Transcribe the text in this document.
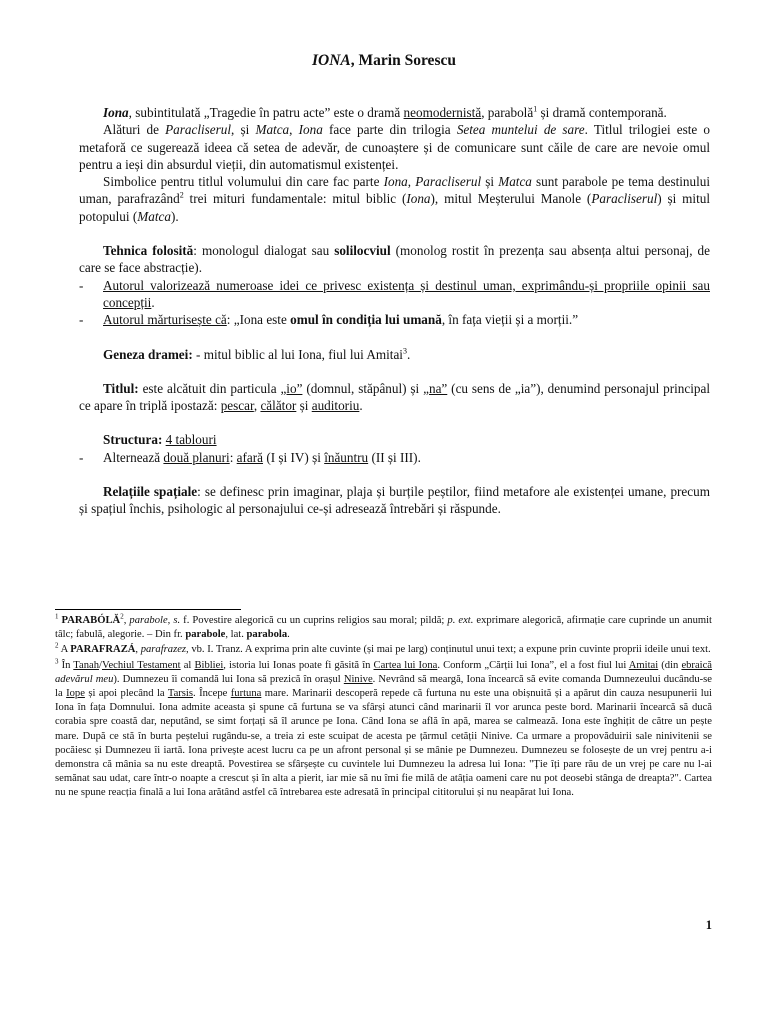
IONA, Marin Sorescu

Iona, subintitulată „Tragedie în patru acte” este o dramă neomodernistă, parabolă$^1$ și dramă contemporană.

Alături de Paracliserul, și Matca, Iona face parte din trilogia Setea muntelui de sare. Titlul trilogiei este o metaforă ce sugerează ideea că setea de adevăr, de cunoaștere și de comunicare sunt căile de care are nevoie omul pentru a ieși din absurdul vieții, din automatismul existenței.

Simbolice pentru titlul volumului din care fac parte Iona, Paracliserul și Matca sunt parabole pe tema destinului uman, parafrazând$^2$ trei mituri fundamentale: mitul biblic (Iona), mitul Meșterului Manole (Paracliserul) și mitul potopului (Matca).

Tehnica folosită: monologul dialogat sau solilocviul (monolog rostit în prezența sau absența altui personaj, de care se face abstracție).

- Autorul valorizează numeroase idei ce privesc existența și destinul uman, exprimându-și propriile opinii sau concepții.

- Autorul mărturisește că: „Iona este omul în condiția lui umană, în fața vieții și a morții.”

Geneza dramei: - mitul biblic al lui Iona, fiul lui Amitai$^3$.

Titlul: este alcătuit din particula „io” (domnul, stăpânul) și „na” (cu sens de „ia”), denumind personajul principal ce apare în triplă ipostază: pescar, călător și auditoriu.

Structura: 4 tablouri

- Alternează două planuri: afară (I și IV) și înăuntru (II și III).

Relațiile spațiale: se definesc prin imaginar, plaja și burțile peștilor, fiind metafore ale existenței umane, precum și spațiul închis, psihologic al personajului ce-și adresează întrebări și răspunde.

$^1$ PARABÓLĂ$^2$, parabole, s. f. Povestire alegorică cu un cuprins religios sau moral; pildă; p. ext. exprimare alegorică, afirmație care cuprinde un anumit tâlc; fabulă, alegorie. – Din fr. parabole, lat. parabola.

$^2$ A PARAFRAZÁ, parafrazez, vb. I. Tranz. A exprima prin alte cuvinte (și mai pe larg) conținutul unui text; a expune prin cuvinte proprii ideile unui text.

$^3$ În Tanah/Vechiul Testament al Bibliei, istoria lui Ionas poate fi găsită în Cartea lui Iona. Conform „Cărții lui Iona”, el a fost fiul lui Amitai (din ebraică adevărul meu). Dumnezeu îi comandă lui Iona să prezică în orașul Ninive. Nevrând să meargă, Iona încearcă să evite comanda Dumnezeului ducându-se la Iope și apoi plecând la Tarsis. Începe furtuna mare. Marinarii descoperă repede că furtuna nu este una obișnuită și a apărut din cauza nesupunerii lui Iona în fața Domnului. Iona admite aceasta și spune că furtuna se va sfârși atunci când marinarii îl vor arunca peste bord. Marinarii încearcă să ducă corabia spre coastă dar, neputând, se simt forțați să îl arunce pe Iona. Când Iona se află în apă, marea se calmează. Iona este înghițit de către un pește mare. După ce stă în burta peștelui rugându-se, a treia zi este scuipat de acesta pe țărmul cetății Ninive. Ca urmare a propovăduirii sale ninivitenii se pocăiesc și Dumnezeu îi iartă. Iona privește acest lucru ca pe un afront personal și se mânie pe Dumnezeu. Dumnezeu se folosește de un vrej pentru a-i demonstra că mânia sa nu este dreaptă. Povestirea se sfârșește cu cuvintele lui Dumnezeu la adresa lui Iona: "Ție îți pare rău de un vrej pe care nu l-ai semănat sau udat, care într-o noapte a crescut și în alta a pierit, iar mie să nu îmi fie milă de atâția oameni care nu pot deosebi stânga de dreapta?". Cartea nu ne spune reacția finală a lui Iona arătând astfel că întrebarea este adresată în principal cititorului și nu neapărat lui Iona.

1
